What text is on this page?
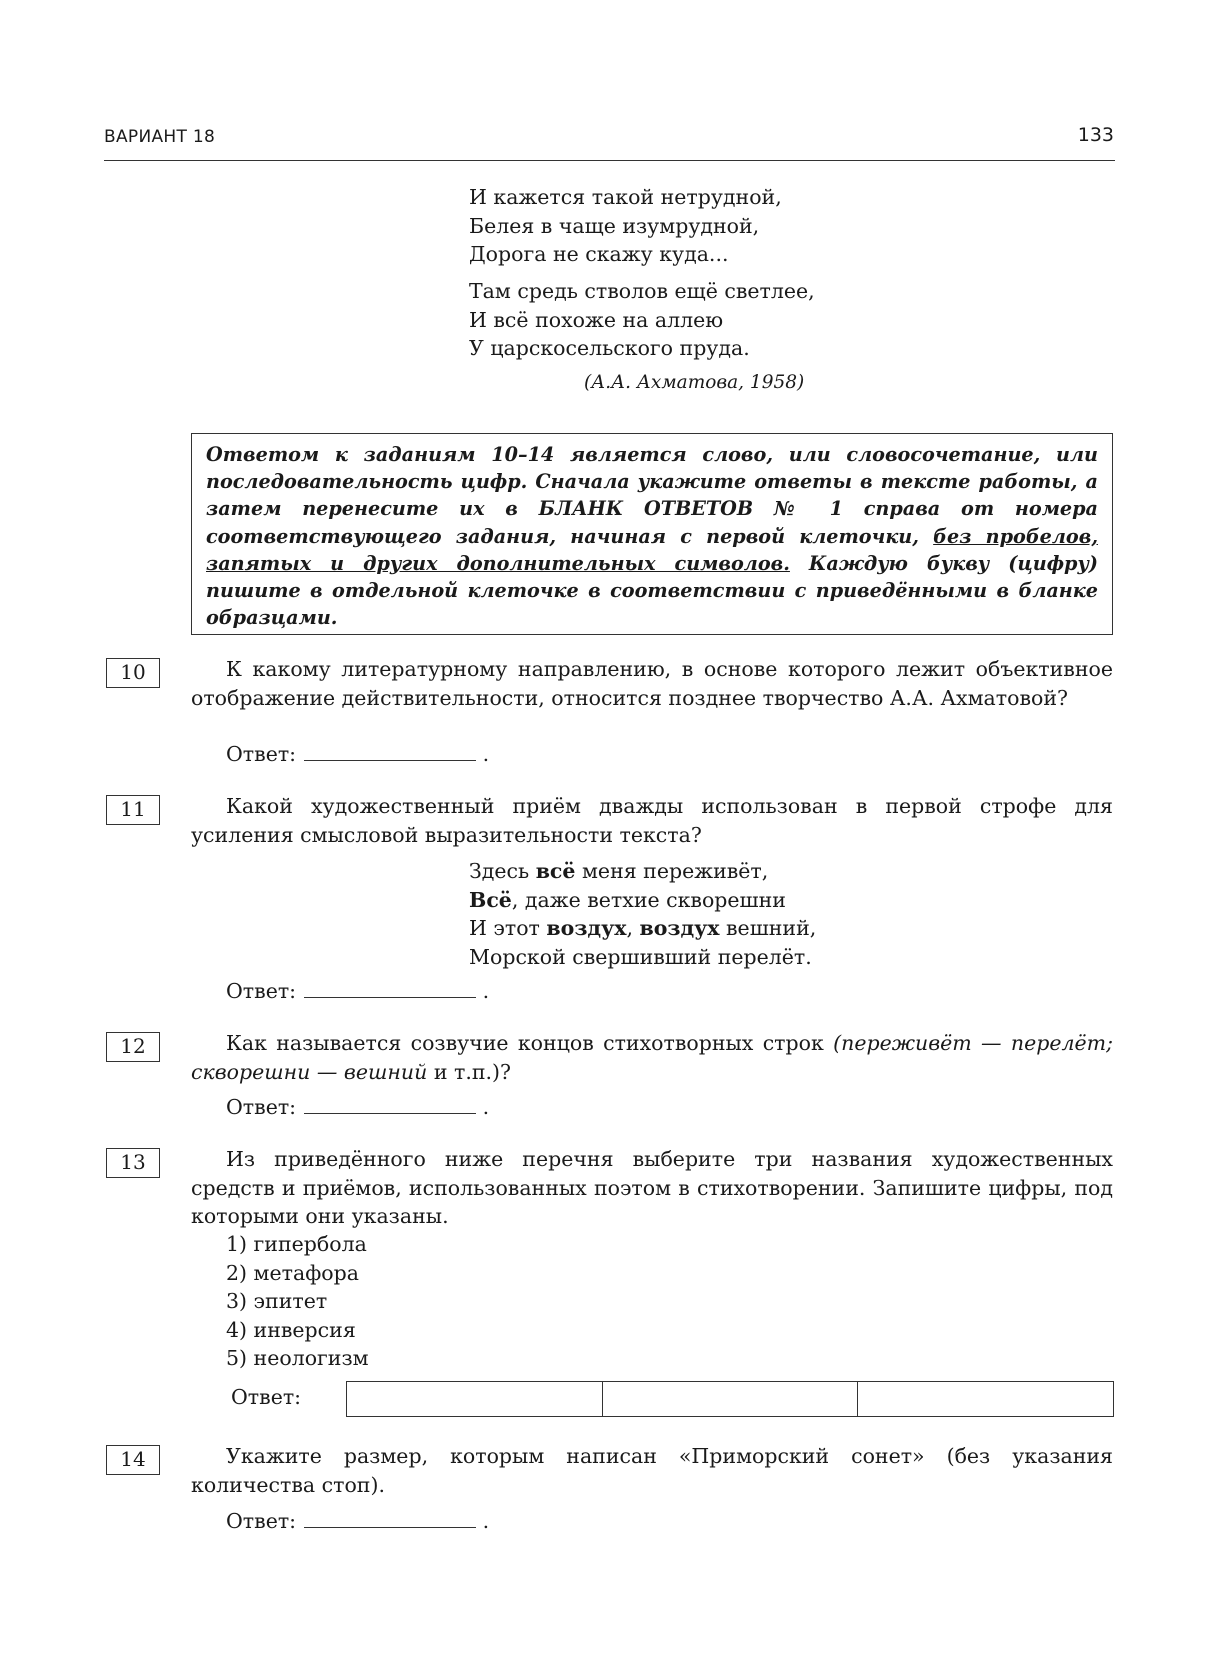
ВАРИАНТ 18	133
И кажется такой нетрудной,
Белея в чаще изумрудной,
Дорога не скажу куда...
Там средь стволов ещё светлее,
И всё похоже на аллею
У царскосельского пруда.
(А.А. Ахматова, 1958)
Ответом к заданиям 10–14 является слово, или словосочетание, или последовательность цифр. Сначала укажите ответы в тексте работы, а затем перенесите их в БЛАНК ОТВЕТОВ № 1 справа от номера соответствующего задания, начиная с первой клеточки, без пробелов, запятых и других дополнительных символов. Каждую букву (цифру) пишите в отдельной клеточке в соответствии с приведёнными в бланке образцами.
10	К какому литературному направлению, в основе которого лежит объективное отображение действительности, относится позднее творчество А.А. Ахматовой?
Ответ:	.
11	Какой художественный приём дважды использован в первой строфе для усиления смысловой выразительности текста?
Здесь всё меня переживёт,
Всё, даже ветхие скворешни
И этот воздух, воздух вешний,
Морской свершивший перелёт.
Ответ:	.
12	Как называется созвучие концов стихотворных строк (переживёт — перелёт; скворешни — вешний и т.п.)?
Ответ:	.
13	Из приведённого ниже перечня выберите три названия художественных средств и приёмов, использованных поэтом в стихотворении. Запишите цифры, под которыми они указаны.
1) гипербола
2) метафора
3) эпитет
4) инверсия
5) неологизм
Ответ:
14	Укажите размер, которым написан «Приморский сонет» (без указания количества стоп).
Ответ:	.
